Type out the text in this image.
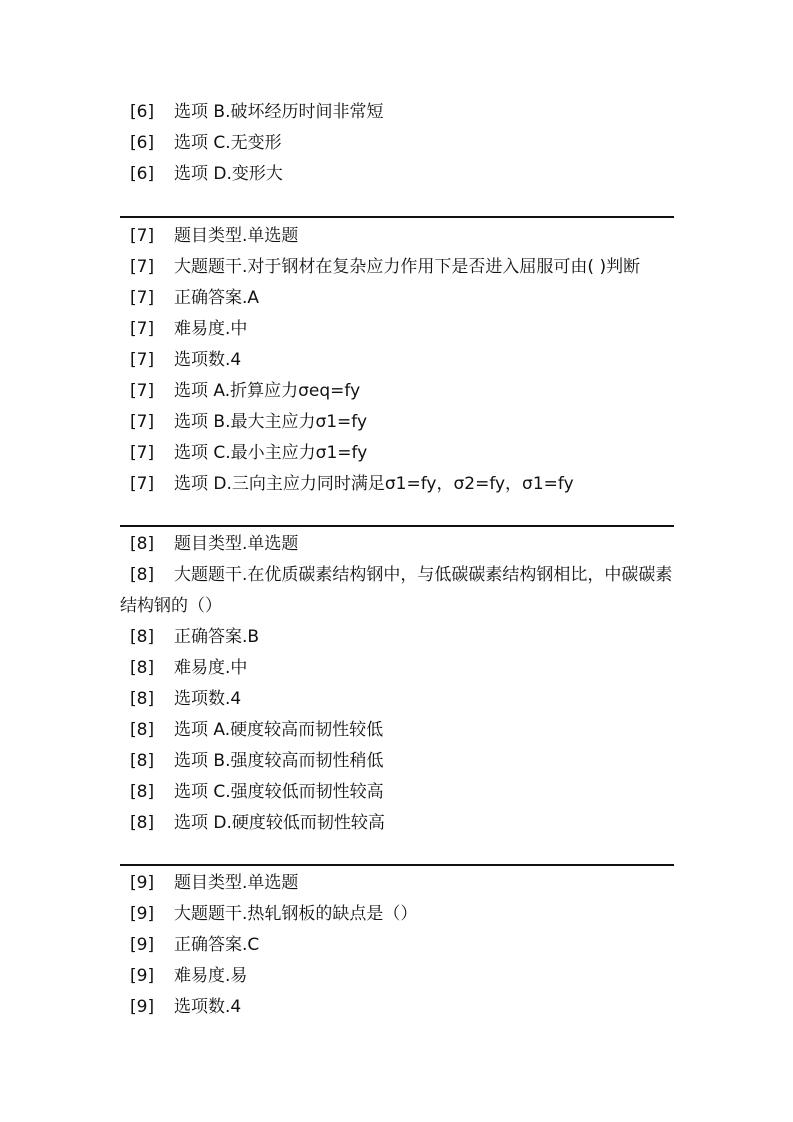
[6] 选项 B.破坏经历时间非常短
[6] 选项 C.无变形
[6] 选项 D.变形大
[7] 题目类型.单选题
[7] 大题题干.对于钢材在复杂应力作用下是否进入屈服可由( )判断
[7] 正确答案.A
[7] 难易度.中
[7] 选项数.4
[7] 选项 A.折算应力σeq=fy
[7] 选项 B.最大主应力σ1=fy
[7] 选项 C.最小主应力σ1=fy
[7] 选项 D.三向主应力同时满足σ1=fy，σ2=fy，σ1=fy
[8] 题目类型.单选题
[8] 大题题干.在优质碳素结构钢中，与低碳碳素结构钢相比，中碳碳素结构钢的（）
[8] 正确答案.B
[8] 难易度.中
[8] 选项数.4
[8] 选项 A.硬度较高而韧性较低
[8] 选项 B.强度较高而韧性稍低
[8] 选项 C.强度较低而韧性较高
[8] 选项 D.硬度较低而韧性较高
[9] 题目类型.单选题
[9] 大题题干.热轧钢板的缺点是（）
[9] 正确答案.C
[9] 难易度.易
[9] 选项数.4
